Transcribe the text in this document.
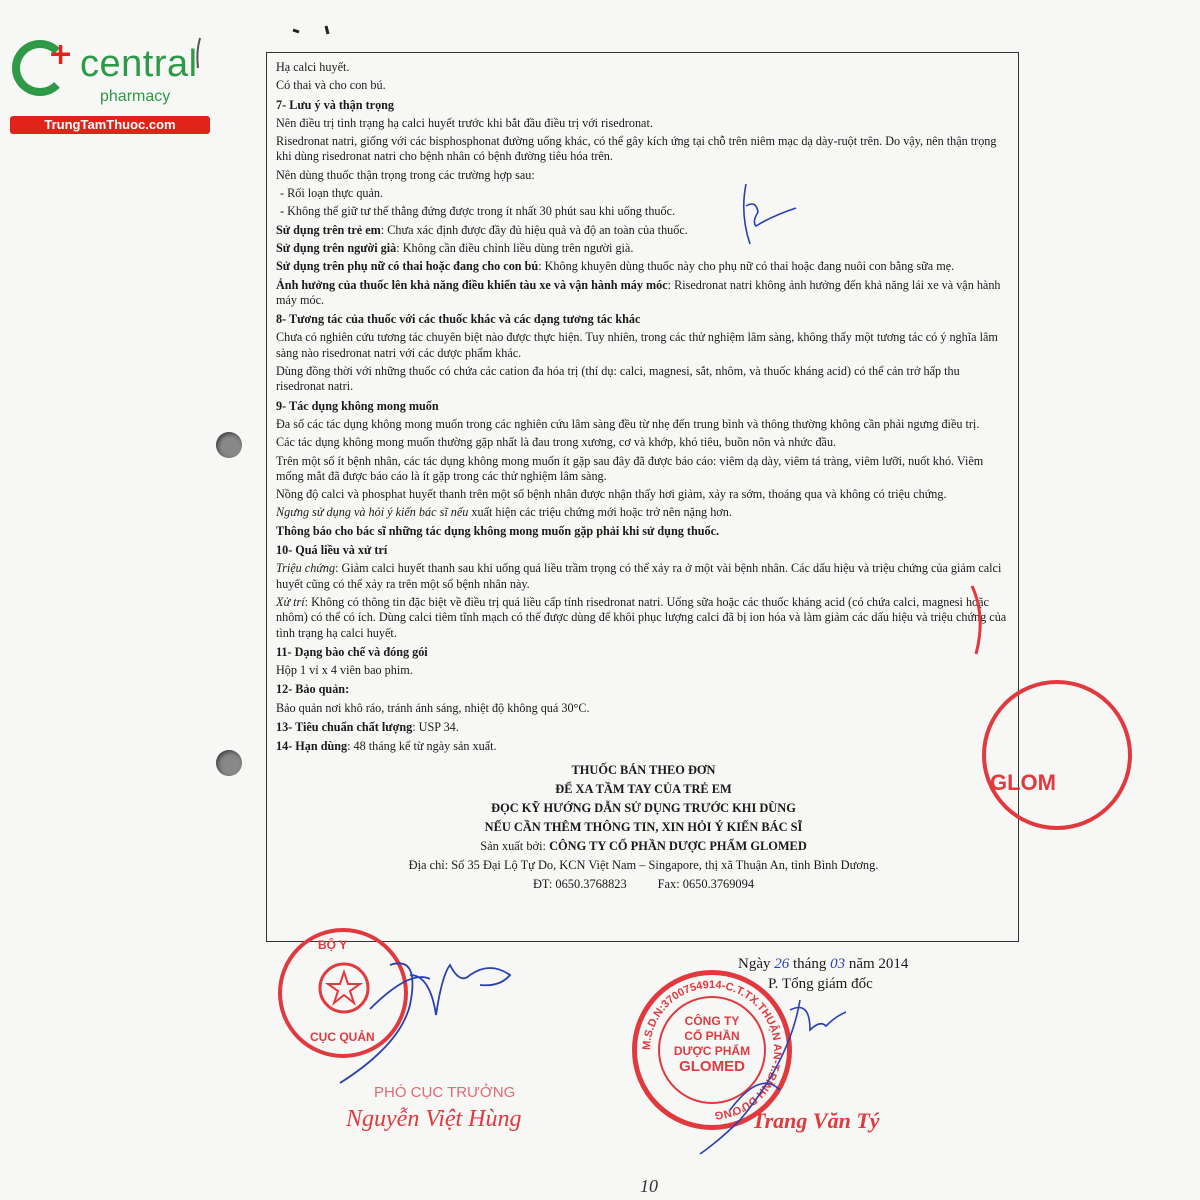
+ central
pharmacy
TrungTamThuoc.com

Hạ calci huyết.

Có thai và cho con bú.

7- Lưu ý và thận trọng

Nên điều trị tình trạng hạ calci huyết trước khi bắt đầu điều trị với risedronat.

Risedronat natri, giống với các bisphosphonat đường uống khác, có thể gây kích ứng tại chỗ trên niêm mạc dạ dày-ruột trên. Do vậy, nên thận trọng khi dùng risedronat natri cho bệnh nhân có bệnh đường tiêu hóa trên.

Nên dùng thuốc thận trọng trong các trường hợp sau:

- Rối loạn thực quản.

- Không thể giữ tư thế thẳng đứng được trong ít nhất 30 phút sau khi uống thuốc.

Sử dụng trên trẻ em: Chưa xác định được đầy đủ hiệu quả và độ an toàn của thuốc.

Sử dụng trên người già: Không cần điều chỉnh liều dùng trên người già.

Sử dụng trên phụ nữ có thai hoặc đang cho con bú: Không khuyên dùng thuốc này cho phụ nữ có thai hoặc đang nuôi con bằng sữa mẹ.

Ảnh hưởng của thuốc lên khả năng điều khiển tàu xe và vận hành máy móc: Risedronat natri không ảnh hưởng đến khả năng lái xe và vận hành máy móc.

8- Tương tác của thuốc với các thuốc khác và các dạng tương tác khác

Chưa có nghiên cứu tương tác chuyên biệt nào được thực hiện. Tuy nhiên, trong các thử nghiệm lâm sàng, không thấy một tương tác có ý nghĩa lâm sàng nào risedronat natri với các dược phẩm khác.

Dùng đồng thời với những thuốc có chứa các cation đa hóa trị (thí dụ: calci, magnesi, sắt, nhôm, và thuốc kháng acid) có thể cản trở hấp thu risedronat natri.

9- Tác dụng không mong muốn

Đa số các tác dụng không mong muốn trong các nghiên cứu lâm sàng đều từ nhẹ đến trung bình và thông thường không cần phải ngưng điều trị.

Các tác dụng không mong muốn thường gặp nhất là đau trong xương, cơ và khớp, khó tiêu, buồn nôn và nhức đầu.

Trên một số ít bệnh nhân, các tác dụng không mong muốn ít gặp sau đây đã được báo cáo: viêm dạ dày, viêm tá tràng, viêm lưỡi, nuốt khó. Viêm mống mắt đã được báo cáo là ít gặp trong các thử nghiệm lâm sàng.

Nồng độ calci và phosphat huyết thanh trên một số bệnh nhân được nhận thấy hơi giảm, xảy ra sớm, thoáng qua và không có triệu chứng.

Ngưng sử dụng và hỏi ý kiến bác sĩ nếu xuất hiện các triệu chứng mới hoặc trở nên nặng hơn.

Thông báo cho bác sĩ những tác dụng không mong muốn gặp phải khi sử dụng thuốc.

10- Quá liều và xử trí

Triệu chứng: Giảm calci huyết thanh sau khi uống quá liều trầm trọng có thể xảy ra ở một vài bệnh nhân. Các dấu hiệu và triệu chứng của giảm calci huyết cũng có thể xảy ra trên một số bệnh nhân này.

Xử trí: Không có thông tin đặc biệt về điều trị quá liều cấp tính risedronat natri. Uống sữa hoặc các thuốc kháng acid (có chứa calci, magnesi hoặc nhôm) có thể có ích. Dùng calci tiêm tĩnh mạch có thể được dùng để khôi phục lượng calci đã bị ion hóa và làm giảm các dấu hiệu và triệu chứng của tình trạng hạ calci huyết.

11- Dạng bào chế và đóng gói

Hộp 1 vỉ x 4 viên bao phim.

12- Bảo quản:

Bảo quản nơi khô ráo, tránh ánh sáng, nhiệt độ không quá 30°C.

13- Tiêu chuẩn chất lượng: USP 34.

14- Hạn dùng: 48 tháng kể từ ngày sản xuất.

THUỐC BÁN THEO ĐƠN
ĐỂ XA TẦM TAY CỦA TRẺ EM
ĐỌC KỸ HƯỚNG DẪN SỬ DỤNG TRƯỚC KHI DÙNG
NẾU CẦN THÊM THÔNG TIN, XIN HỎI Ý KIẾN BÁC SĨ
Sản xuất bởi: CÔNG TY CỔ PHẦN DƯỢC PHẨM GLOMED
Địa chỉ: Số 35 Đại Lộ Tự Do, KCN Việt Nam – Singapore, thị xã Thuận An, tỉnh Bình Dương.
ĐT: 0650.3768823 Fax: 0650.3769094
GLOM
Ngày 26 tháng 03 năm 2014
P. Tổng giám đốc
BỘ Y
CỤC QUẢN
PHÓ CỤC TRƯỞNG
Nguyễn Việt Hùng
M.S.D.N:3700754914-C.T.TX.THUẬN AN-T.BÌNH DƯƠNG
CÔNG TY
CỔ PHẦN
DƯỢC PHẨM
GLOMED
Trang Văn Tý
10
